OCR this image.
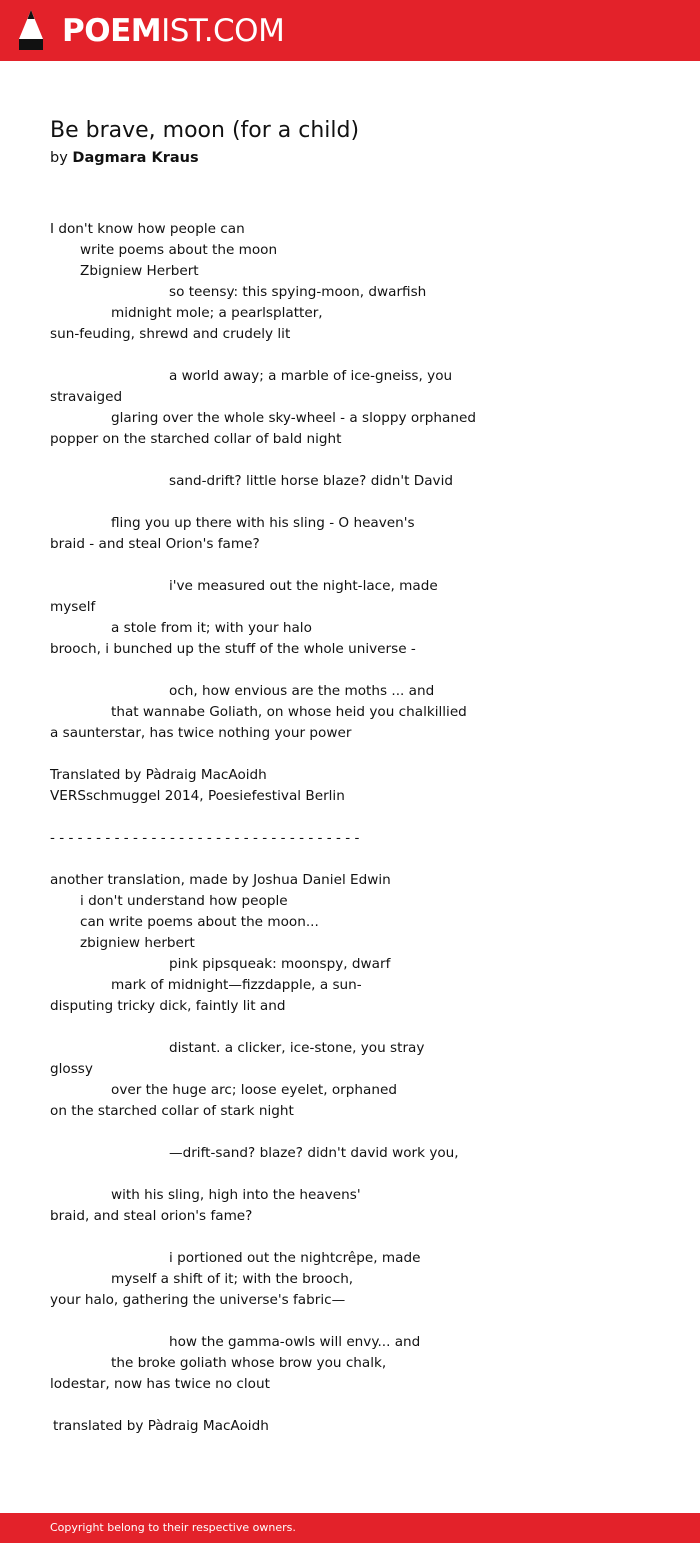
POEMIST.COM
Be brave, moon (for a child)
by Dagmara Kraus
I don't know how people can
write poems about the moon
Zbigniew Herbert
so teensy: this spying-moon, dwarfish
midnight mole; a pearlsplatter,
sun-feuding, shrewd and crudely lit
a world away; a marble of ice-gneiss, you
stravaiged
glaring over the whole sky-wheel - a sloppy orphaned
popper on the starched collar of bald night
sand-drift? little horse blaze? didn't David
fling you up there with his sling - O heaven's
braid - and steal Orion's fame?
i've measured out the night-lace, made
myself
a stole from it; with your halo
brooch, i bunched up the stuff of the whole universe -
och, how envious are the moths ... and
that wannabe Goliath, on whose heid you chalkillied
a saunterstar, has twice nothing your power
Translated by Pàdraig MacAoidh
VERSschmuggel 2014, Poesiefestival Berlin
- - - - - - - - - - - - - - - - - - - - - - - - - - - - - - - - - -
another translation, made by Joshua Daniel Edwin
i don't understand how people
can write poems about the moon...
zbigniew herbert
pink pipsqueak: moonspy, dwarf
mark of midnight—fizzdapple, a sun-
disputing tricky dick, faintly lit and
distant. a clicker, ice-stone, you stray
glossy
over the huge arc; loose eyelet, orphaned
on the starched collar of stark night
—drift-sand? blaze? didn't david work you,
with his sling, high into the heavens'
braid, and steal orion's fame?
i portioned out the nightcrêpe, made
myself a shift of it; with the brooch,
your halo, gathering the universe's fabric—
how the gamma-owls will envy... and
the broke goliath whose brow you chalk,
lodestar, now has twice no clout
translated by Pàdraig MacAoidh
Copyright belong to their respective owners.
